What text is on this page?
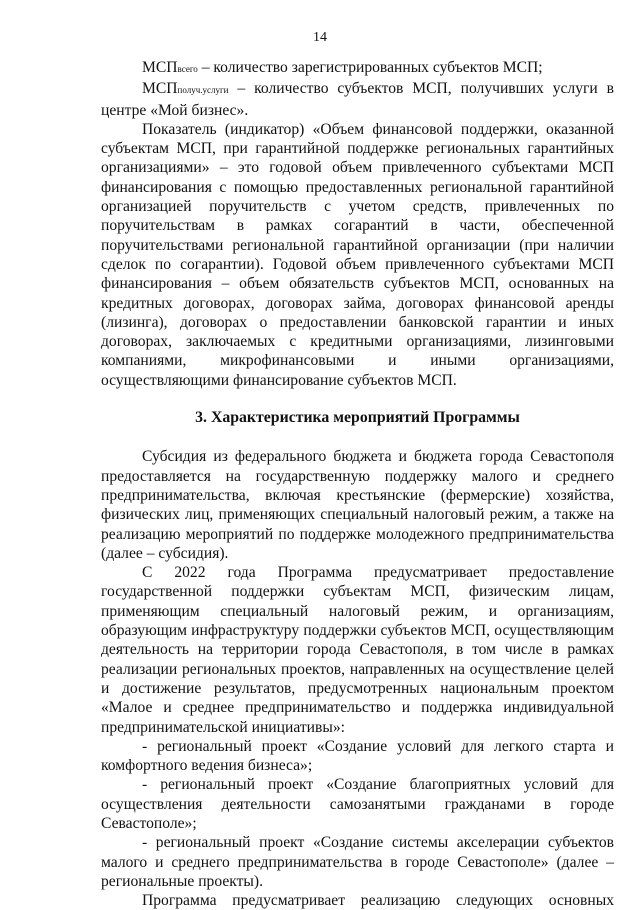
14

МСПвсего – количество зарегистрированных субъектов МСП;

МСПполуч.услуги – количество субъектов МСП, получивших услуги в центре «Мой бизнес».

Показатель (индикатор) «Объем финансовой поддержки, оказанной субъектам МСП, при гарантийной поддержке региональных гарантийных организациями» – это годовой объем привлеченного субъектами МСП финансирования с помощью предоставленных региональной гарантийной организацией поручительств с учетом средств, привлеченных по поручительствам в рамках согарантий в части, обеспеченной поручительствами региональной гарантийной организации (при наличии сделок по согарантии). Годовой объем привлеченного субъектами МСП финансирования – объем обязательств субъектов МСП, основанных на кредитных договорах, договорах займа, договорах финансовой аренды (лизинга), договорах о предоставлении банковской гарантии и иных договорах, заключаемых с кредитными организациями, лизинговыми компаниями, микрофинансовыми и иными организациями, осуществляющими финансирование субъектов МСП.

3. Характеристика мероприятий Программы

Субсидия из федерального бюджета и бюджета города Севастополя предоставляется на государственную поддержку малого и среднего предпринимательства, включая крестьянские (фермерские) хозяйства, физических лиц, применяющих специальный налоговый режим, а также на реализацию мероприятий по поддержке молодежного предпринимательства (далее – субсидия).

С 2022 года Программа предусматривает предоставление государственной поддержки субъектам МСП, физическим лицам, применяющим специальный налоговый режим, и организациям, образующим инфраструктуру поддержки субъектов МСП, осуществляющим деятельность на территории города Севастополя, в том числе в рамках реализации региональных проектов, направленных на осуществление целей и достижение результатов, предусмотренных национальным проектом «Малое и среднее предпринимательство и поддержка индивидуальной предпринимательской инициативы»:

- региональный проект «Создание условий для легкого старта и комфортного ведения бизнеса»;

- региональный проект «Создание благоприятных условий для осуществления деятельности самозанятыми гражданами в городе Севастополе»;

- региональный проект «Создание системы акселерации субъектов малого и среднего предпринимательства в городе Севастополе» (далее – региональные проекты).

Программа предусматривает реализацию следующих основных
